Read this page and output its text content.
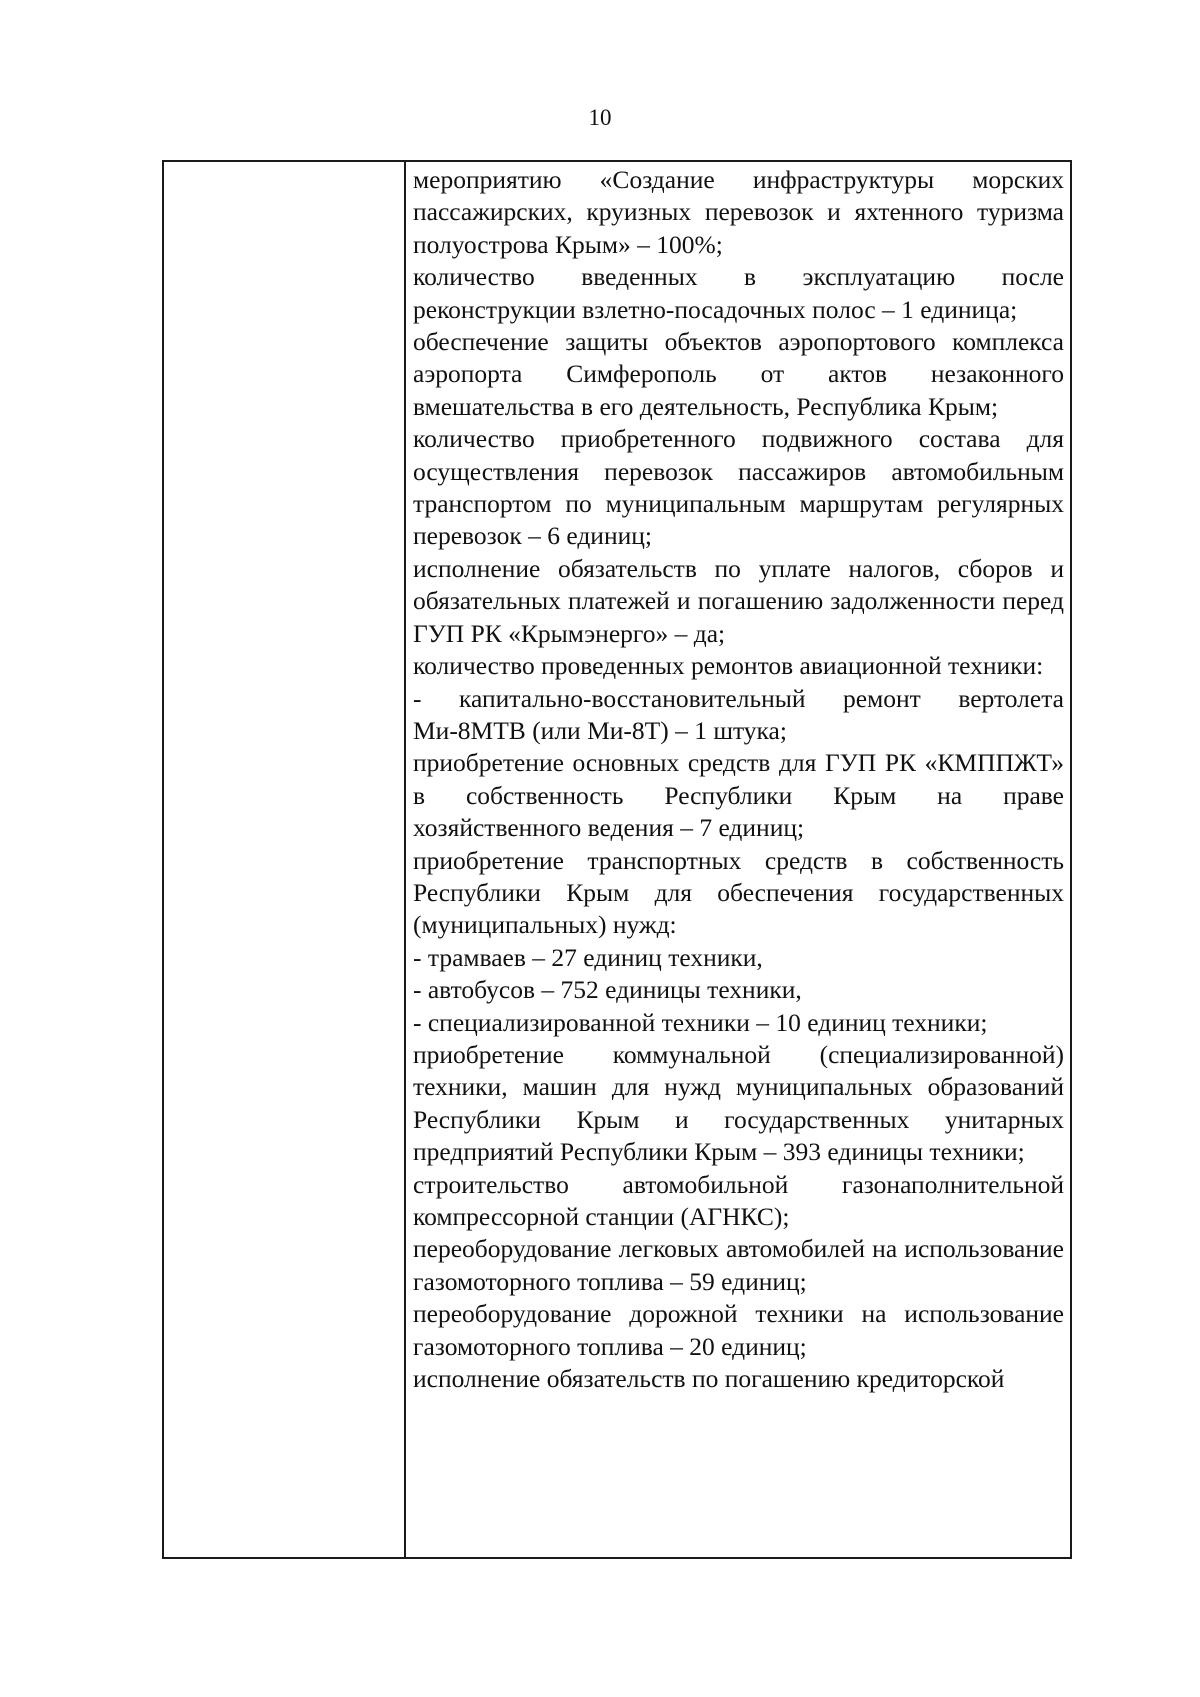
10

мероприятию «Создание инфраструктуры морских пассажирских, круизных перевозок и яхтенного туризма полуострова Крым» – 100%;

количество введенных в эксплуатацию после реконструкции взлетно-посадочных полос – 1 единица;

обеспечение защиты объектов аэропортового комплекса аэропорта Симферополь от актов незаконного вмешательства в его деятельность, Республика Крым;

количество приобретенного подвижного состава для осуществления перевозок пассажиров автомобильным транспортом по муниципальным маршрутам регулярных перевозок – 6 единиц;

исполнение обязательств по уплате налогов, сборов и обязательных платежей и погашению задолженности перед ГУП РК «Крымэнерго» – да;

количество проведенных ремонтов авиационной техники:

- капитально-восстановительный ремонт вертолета Ми-8МТВ (или Ми-8Т) – 1 штука;

приобретение основных средств для ГУП РК «КМППЖТ» в собственность Республики Крым на праве хозяйственного ведения – 7 единиц;

приобретение транспортных средств в собственность Республики Крым для обеспечения государственных (муниципальных) нужд:

- трамваев – 27 единиц техники,

- автобусов – 752 единицы техники,

- специализированной техники – 10 единиц техники;

приобретение коммунальной (специализированной) техники, машин для нужд муниципальных образований Республики Крым и государственных унитарных предприятий Республики Крым – 393 единицы техники;

строительство автомобильной газонаполнительной компрессорной станции (АГНКС);

переоборудование легковых автомобилей на использование газомоторного топлива – 59 единиц;

переоборудование дорожной техники на использование газомоторного топлива – 20 единиц;

исполнение обязательств по погашению кредиторской
